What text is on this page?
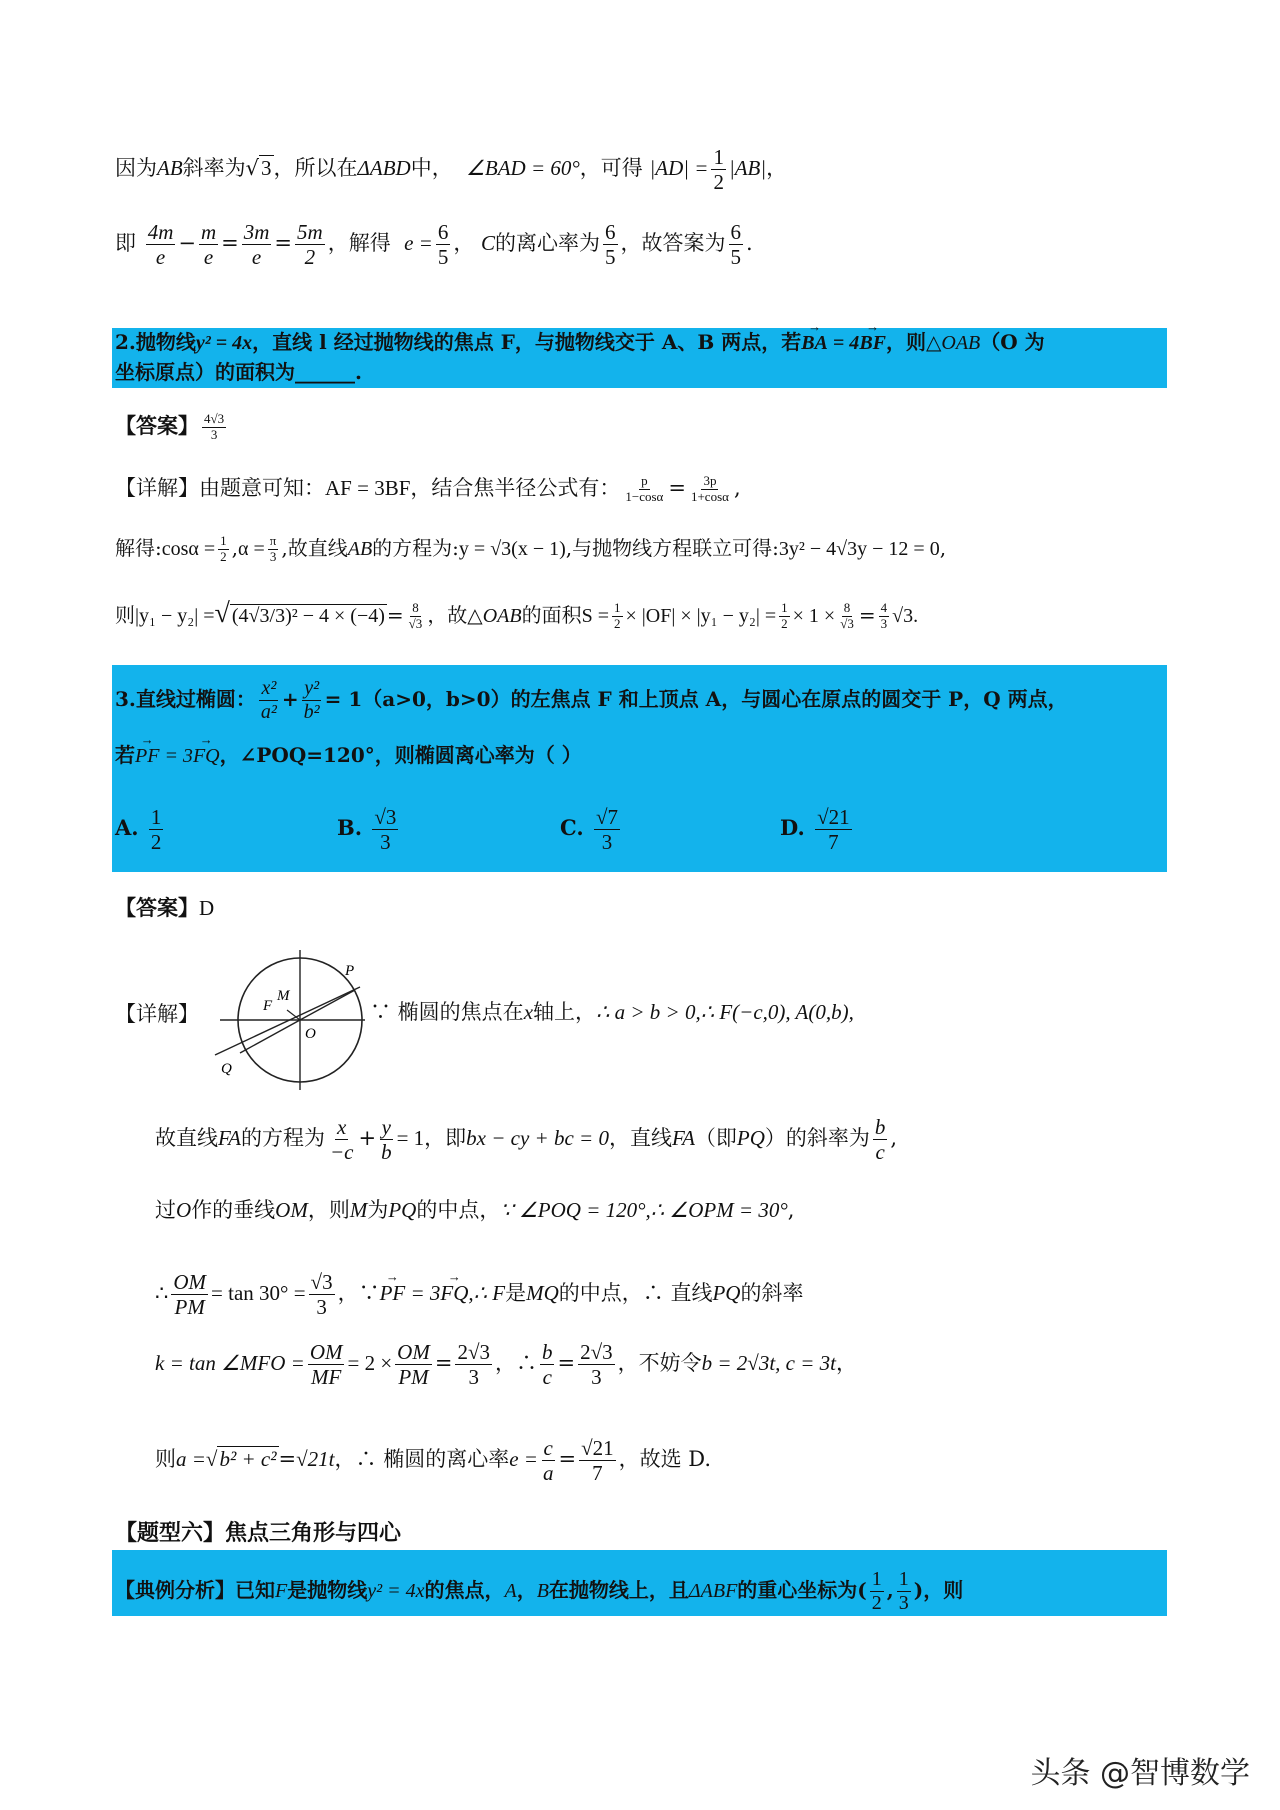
因为AB斜率为√3，所以在ΔABD中， ∠BAD = 60°，可得 $|AD| = \frac{1}{2} |AB|$，
即 $\frac{4m}{e} - \frac{m}{e} = \frac{3m}{e} = \frac{5m}{2}$ ，解得 $e = \frac{6}{5}$ ， C的离心率为 $\frac{6}{5}$ ，故答案为 $\frac{6}{5}$ .
2.抛物线y² = 4x，直线 l 经过抛物线的焦点 F，与抛物线交于 A、B 两点，若→ BA = 4→ BF，则△OAB（O 为
坐标原点）的面积为______.
【答案】 $\frac{4√3}{3}$
【详解】由题意可知：AF = 3BF，结合焦半径公式有： $\frac{p}{1-\cos\alpha} = \frac{3p}{1+\cos\alpha}$ ,
解得:cosα = $\frac{1}{2} ,\alpha = \frac{\pi}{3}$ ,故直线AB的方程为:y = √3(x − 1),与抛物线方程联立可得:3y² − 4√3y − 12 = 0,
则|y₁ − y₂| =√ $(4√3/3)^2 - 4 \times (-4) = \frac{8}{√3}$ ，故△OAB的面积$S = \frac{1}{2} \times |OF| \times |y_1 - y_2| = \frac{1}{2} \times 1 \times \frac{8}{√3} = \frac{4}{3} √3$.
3.直线过椭圆： $\frac{\text{x²}}{\text{a²}} + \frac{\text{y²}}{\text{b²}} = 1(a>0$，b>0）的左焦点 F 和上顶点 A，与圆心在原点的圆交于 P，Q 两点，
若→ PF = 3→ FQ，∠POQ=120°，则椭圆离心率为（ ）
A. $\frac{1}{2}$	B. $\frac{√3}{3}$	C. $\frac{√7}{3}$	D. $\frac{√21}{7}$
【答案】D
【详解】
P
F
M
O
Q
∵ 椭圆的焦点在x轴上，∴ a > b > 0,∴ F(−c,0), A(0,b),
故直线FA的方程为 $\frac{x}{-c} + \frac{y}{b} = 1$，即bx − cy + bc = 0，直线FA（即PQ）的斜率为 $\frac{b}{c}$ ,
过O作的垂线OM，则M为PQ的中点，∵ ∠POQ = 120°,∴ ∠OPM = 30°,
∴ $\frac{OM}{PM} = \tan 30^\circ = \frac{√3}{3}$ ，∵→ PF = 3→ FQ,∴ F是MQ的中点，∴ 直线PQ的斜率
k = tan ∠MFO = $\frac{OM}{MF} = 2 \times \frac{OM}{PM} = \frac{2√3}{3}$ ，∴ $\frac{b}{c} = \frac{2√3}{3}$ ，不妨令b = 2√3t, c = 3t，
则a =√b² + c²=√21t，∴ 椭圆的离心率$e = \frac{c}{a} = \frac{√21}{7}$ ，故选 D.
【题型六】焦点三角形与四心
【典例分析】已知F是抛物线y² = 4x的焦点，A，B在抛物线上，且ΔABF的重心坐标为( $\frac{1}{2}$ , $\frac{1}{3}$ )，则
头条 @智博数学
